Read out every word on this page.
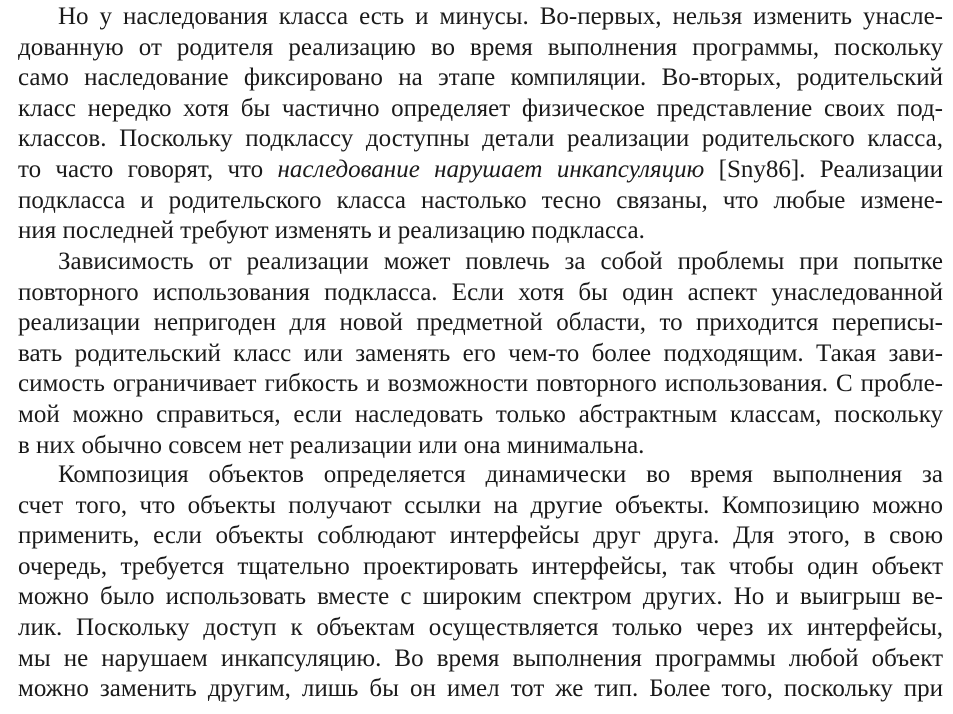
Но у наследования класса есть и минусы. Во-первых, нельзя изменить унасле-
дованную от родителя реализацию во время выполнения программы, поскольку
само наследование фиксировано на этапе компиляции. Во-вторых, родительский
класс нередко хотя бы частично определяет физическое представление своих под-
классов. Поскольку подклассу доступны детали реализации родительского класса,
то часто говорят, что наследование нарушает инкапсуляцию [Sny86]. Реализации
подкласса и родительского класса настолько тесно связаны, что любые измене-
ния последней требуют изменять и реализацию подкласса.
Зависимость от реализации может повлечь за собой проблемы при попытке
повторного использования подкласса. Если хотя бы один аспект унаследованной
реализации непригоден для новой предметной области, то приходится переписы-
вать родительский класс или заменять его чем-то более подходящим. Такая зави-
симость ограничивает гибкость и возможности повторного использования. С пробле-
мой можно справиться, если наследовать только абстрактным классам, поскольку
в них обычно совсем нет реализации или она минимальна.
Композиция объектов определяется динамически во время выполнения за
счет того, что объекты получают ссылки на другие объекты. Композицию можно
применить, если объекты соблюдают интерфейсы друг друга. Для этого, в свою
очередь, требуется тщательно проектировать интерфейсы, так чтобы один объект
можно было использовать вместе с широким спектром других. Но и выигрыш ве-
лик. Поскольку доступ к объектам осуществляется только через их интерфейсы,
мы не нарушаем инкапсуляцию. Во время выполнения программы любой объект
можно заменить другим, лишь бы он имел тот же тип. Более того, поскольку при
